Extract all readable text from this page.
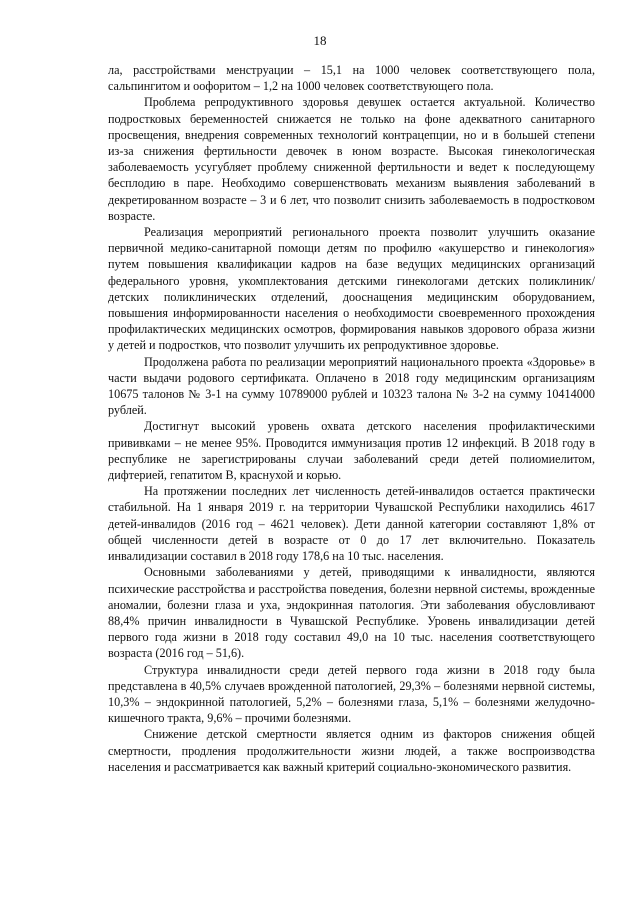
18

ла, расстройствами менструации – 15,1 на 1000 человек соответствующего пола, сальпингитом и оофоритом – 1,2 на 1000 человек соответствующего пола.

Проблема репродуктивного здоровья девушек остается актуальной. Количество подростковых беременностей снижается не только на фоне адекватного санитарного просвещения, внедрения современных технологий контрацепции, но и в большей степени из-за снижения фертильности девочек в юном возрасте. Высокая гинекологическая заболеваемость усугубляет проблему сниженной фертильности и ведет к последующему бесплодию в паре. Необходимо совершенствовать механизм выявления заболеваний в декретированном возрасте – 3 и 6 лет, что позволит снизить заболеваемость в подростковом возрасте.

Реализация мероприятий регионального проекта позволит улучшить оказание первичной медико-санитарной помощи детям по профилю «акушерство и гинекология» путем повышения квалификации кадров на базе ведущих медицинских организаций федерального уровня, укомплектования детскими гинекологами детских поликлиник/детских поликлинических отделений, дооснащения медицинским оборудованием, повышения информированности населения о необходимости своевременного прохождения профилактических медицинских осмотров, формирования навыков здорового образа жизни у детей и подростков, что позволит улучшить их репродуктивное здоровье.

Продолжена работа по реализации мероприятий национального проекта «Здоровье» в части выдачи родового сертификата. Оплачено в 2018 году медицинским организациям 10675 талонов № 3-1 на сумму 10789000 рублей и 10323 талона № 3-2 на сумму 10414000 рублей.

Достигнут высокий уровень охвата детского населения профилактическими прививками – не менее 95%. Проводится иммунизация против 12 инфекций. В 2018 году в республике не зарегистрированы случаи заболеваний среди детей полиомиелитом, дифтерией, гепатитом В, краснухой и корью.

На протяжении последних лет численность детей-инвалидов остается практически стабильной. На 1 января 2019 г. на территории Чувашской Республики находились 4617 детей-инвалидов (2016 год – 4621 человек). Дети данной категории составляют 1,8% от общей численности детей в возрасте от 0 до 17 лет включительно. Показатель инвалидизации составил в 2018 году 178,6 на 10 тыс. населения.

Основными заболеваниями у детей, приводящими к инвалидности, являются психические расстройства и расстройства поведения, болезни нервной системы, врожденные аномалии, болезни глаза и уха, эндокринная патология. Эти заболевания обусловливают 88,4% причин инвалидности в Чувашской Республике. Уровень инвалидизации детей первого года жизни в 2018 году составил 49,0 на 10 тыс. населения соответствующего возраста (2016 год – 51,6).

Структура инвалидности среди детей первого года жизни в 2018 году была представлена в 40,5% случаев врожденной патологией, 29,3% – болезнями нервной системы, 10,3% – эндокринной патологией, 5,2% – болезнями глаза, 5,1% – болезнями желудочно-кишечного тракта, 9,6% – прочими болезнями.

Снижение детской смертности является одним из факторов снижения общей смертности, продления продолжительности жизни людей, а также воспроизводства населения и рассматривается как важный критерий социально-экономического развития.
